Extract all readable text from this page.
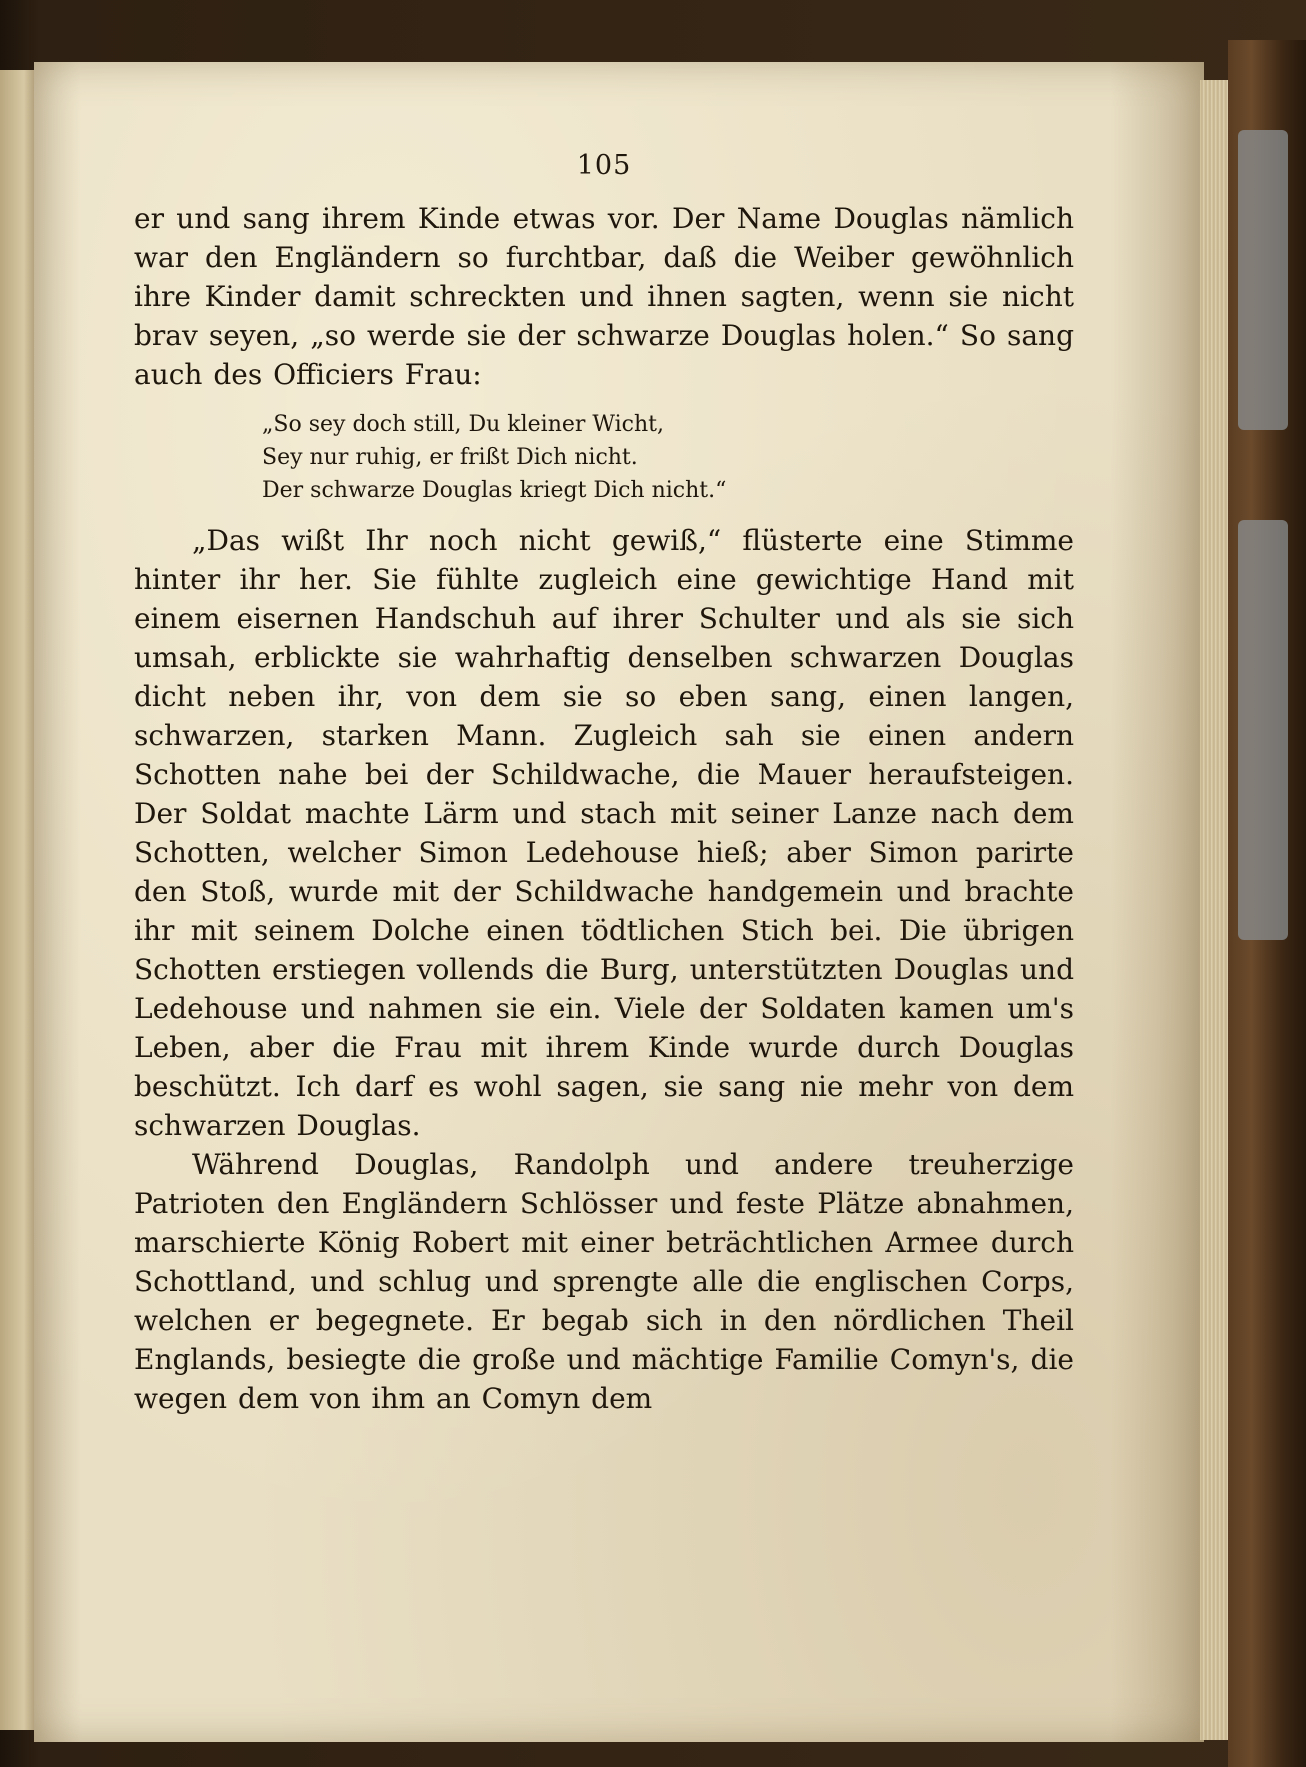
105

er und sang ihrem Kinde etwas vor. Der Name Douglas nämlich war den Engländern so furchtbar, daß die Weiber gewöhnlich ihre Kinder damit schreckten und ihnen sagten, wenn sie nicht brav seyen, „so werde sie der schwarze Douglas holen.“ So sang auch des Officiers Frau:

„So sey doch still, Du kleiner Wicht,
Sey nur ruhig, er frißt Dich nicht.
Der schwarze Douglas kriegt Dich nicht.“

„Das wißt Ihr noch nicht gewiß,“ flüsterte eine Stimme hinter ihr her. Sie fühlte zugleich eine gewichtige Hand mit einem eisernen Handschuh auf ihrer Schulter und als sie sich umsah, erblickte sie wahrhaftig denselben schwarzen Douglas dicht neben ihr, von dem sie so eben sang, einen langen, schwarzen, starken Mann. Zugleich sah sie einen andern Schotten nahe bei der Schildwache, die Mauer heraufsteigen. Der Soldat machte Lärm und stach mit seiner Lanze nach dem Schotten, welcher Simon Ledehouse hieß; aber Simon parirte den Stoß, wurde mit der Schildwache handgemein und brachte ihr mit seinem Dolche einen tödtlichen Stich bei. Die übrigen Schotten erstiegen vollends die Burg, unterstützten Douglas und Ledehouse und nahmen sie ein. Viele der Soldaten kamen um's Leben, aber die Frau mit ihrem Kinde wurde durch Douglas beschützt. Ich darf es wohl sagen, sie sang nie mehr von dem schwarzen Douglas.

Während Douglas, Randolph und andere treuherzige Patrioten den Engländern Schlösser und feste Plätze abnahmen, marschierte König Robert mit einer beträchtlichen Armee durch Schottland, und schlug und sprengte alle die englischen Corps, welchen er begegnete. Er begab sich in den nördlichen Theil Englands, besiegte die große und mächtige Familie Comyn's, die wegen dem von ihm an Comyn dem
